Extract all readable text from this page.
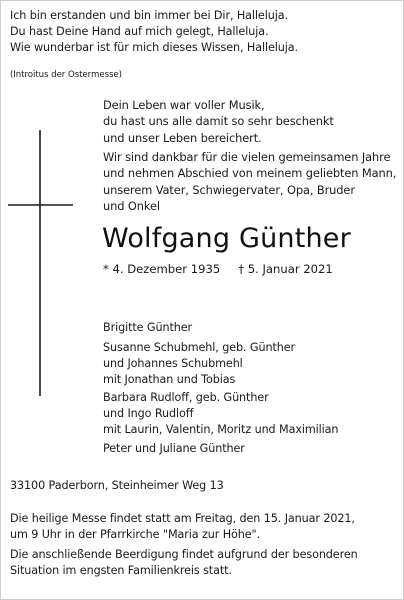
Ich bin erstanden und bin immer bei Dir, Halleluja.
Du hast Deine Hand auf mich gelegt, Halleluja.
Wie wunderbar ist für mich dieses Wissen, Halleluja.
(Introitus der Ostermesse)
Dein Leben war voller Musik,
du hast uns alle damit so sehr beschenkt
und unser Leben bereichert.
Wir sind dankbar für die vielen gemeinsamen Jahre
und nehmen Abschied von meinem geliebten Mann,
unserem Vater, Schwiegervater, Opa, Bruder
und Onkel
Wolfgang Günther
* 4. Dezember 1935 † 5. Januar 2021
Brigitte Günther
Susanne Schubmehl, geb. Günther
und Johannes Schubmehl
mit Jonathan und Tobias
Barbara Rudloff, geb. Günther
und Ingo Rudloff
mit Laurin, Valentin, Moritz und Maximilian
Peter und Juliane Günther
33100 Paderborn, Steinheimer Weg 13
Die heilige Messe findet statt am Freitag, den 15. Januar 2021,
um 9 Uhr in der Pfarrkirche "Maria zur Höhe".
Die anschließende Beerdigung findet aufgrund der besonderen
Situation im engsten Familienkreis statt.
